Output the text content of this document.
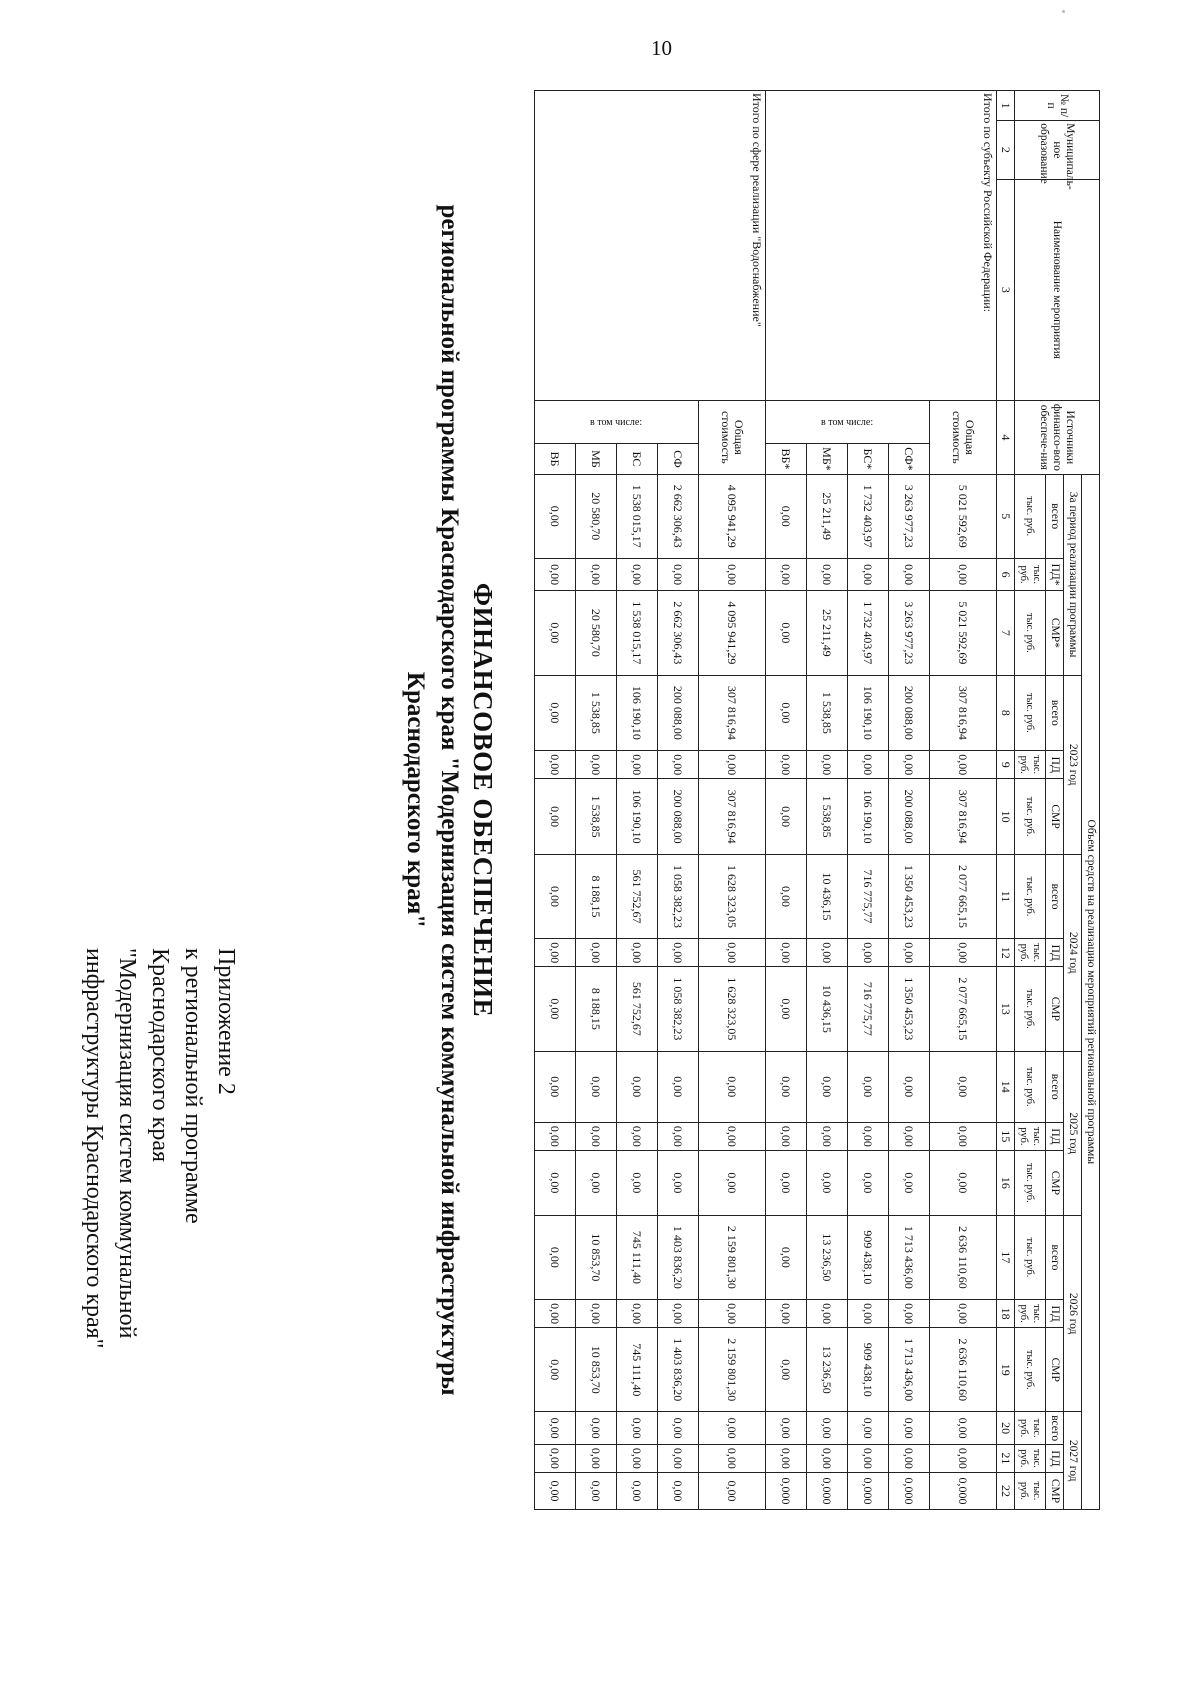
10
Приложение 2
к региональной программе
Краснодарского края
"Модернизация систем коммунальной
инфраструктуры Краснодарского края"
ФИНАНСОВОЕ ОБЕСПЕЧЕНИЕ
региональной программы Краснодарского края "Модернизация систем коммунальной инфраструктуры
Краснодарского края"
№ п/п	Муниципаль-ное образование	Наименование мероприятия	Источники финансо-вого обеспече-ния		Объем средств на реализацию мероприятий региональной программы																	
					За период реализации программы			2023 год			2024 год			2025 год			2026 год			2027 год		
					всего	ПД*	СМР*	всего	ПД	СМР	всего	ПД	СМР	всего	ПД	СМР	всего	ПД	СМР	всего	ПД	СМР
					тыс. руб.	тыс. руб.	тыс. руб.	тыс. руб.	тыс. руб.	тыс. руб.	тыс. руб.	тыс. руб.	тыс. руб.	тыс. руб.	тыс. руб.	тыс. руб.	тыс. руб.	тыс. руб.	тыс. руб.	тыс. руб.	тыс. руб.	тыс. руб.
1	2	3	4		5	6	7	8	9	10	11	12	13	14	15	16	17	18	19	20	21	22
Итого по субъекту Российской Федерации:			Общая стоимость		5 021 592,69	0,00	5 021 592,69	307 816,94	0,00	307 816,94	2 077 665,15	0,00	2 077 665,15	0,00	0,00	0,00	2 636 110,60	0,00	2 636 110,60	0,00	0,00	0,000
			в том числе:	СФ*	3 263 977,23	0,00	3 263 977,23	200 088,00	0,00	200 088,00	1 350 453,23	0,00	1 350 453,23	0,00	0,00	0,00	1 713 436,00	0,00	1 713 436,00	0,00	0,00	0,000
				БС*	1 732 403,97	0,00	1 732 403,97	106 190,10	0,00	106 190,10	716 775,77	0,00	716 775,77	0,00	0,00	0,00	909 438,10	0,00	909 438,10	0,00	0,00	0,000
				МБ*	25 211,49	0,00	25 211,49	1 538,85	0,00	1 538,85	10 436,15	0,00	10 436,15	0,00	0,00	0,00	13 236,50	0,00	13 236,50	0,00	0,00	0,000
				ВБ*	0,00	0,00	0,00	0,00	0,00	0,00	0,00	0,00	0,00	0,00	0,00	0,00	0,00	0,00	0,00	0,00	0,00	0,000
Итого по сфере реализации "Водоснабжение"			Общая стоимость		4 095 941,29	0,00	4 095 941,29	307 816,94	0,00	307 816,94	1 628 323,05	0,00	1 628 323,05	0,00	0,00	0,00	2 159 801,30	0,00	2 159 801,30	0,00	0,00	0,00
			в том числе:	СФ	2 662 306,43	0,00	2 662 306,43	200 088,00	0,00	200 088,00	1 058 382,23	0,00	1 058 382,23	0,00	0,00	0,00	1 403 836,20	0,00	1 403 836,20	0,00	0,00	0,00
				БС	1 538 015,17	0,00	1 538 015,17	106 190,10	0,00	106 190,10	561 752,67	0,00	561 752,67	0,00	0,00	0,00	745 111,40	0,00	745 111,40	0,00	0,00	0,00
				МБ	20 580,70	0,00	20 580,70	1 538,85	0,00	1 538,85	8 188,15	0,00	8 188,15	0,00	0,00	0,00	10 853,70	0,00	10 853,70	0,00	0,00	0,00
				ВБ	0,00	0,00	0,00	0,00	0,00	0,00	0,00	0,00	0,00	0,00	0,00	0,00	0,00	0,00	0,00	0,00	0,00	0,00
